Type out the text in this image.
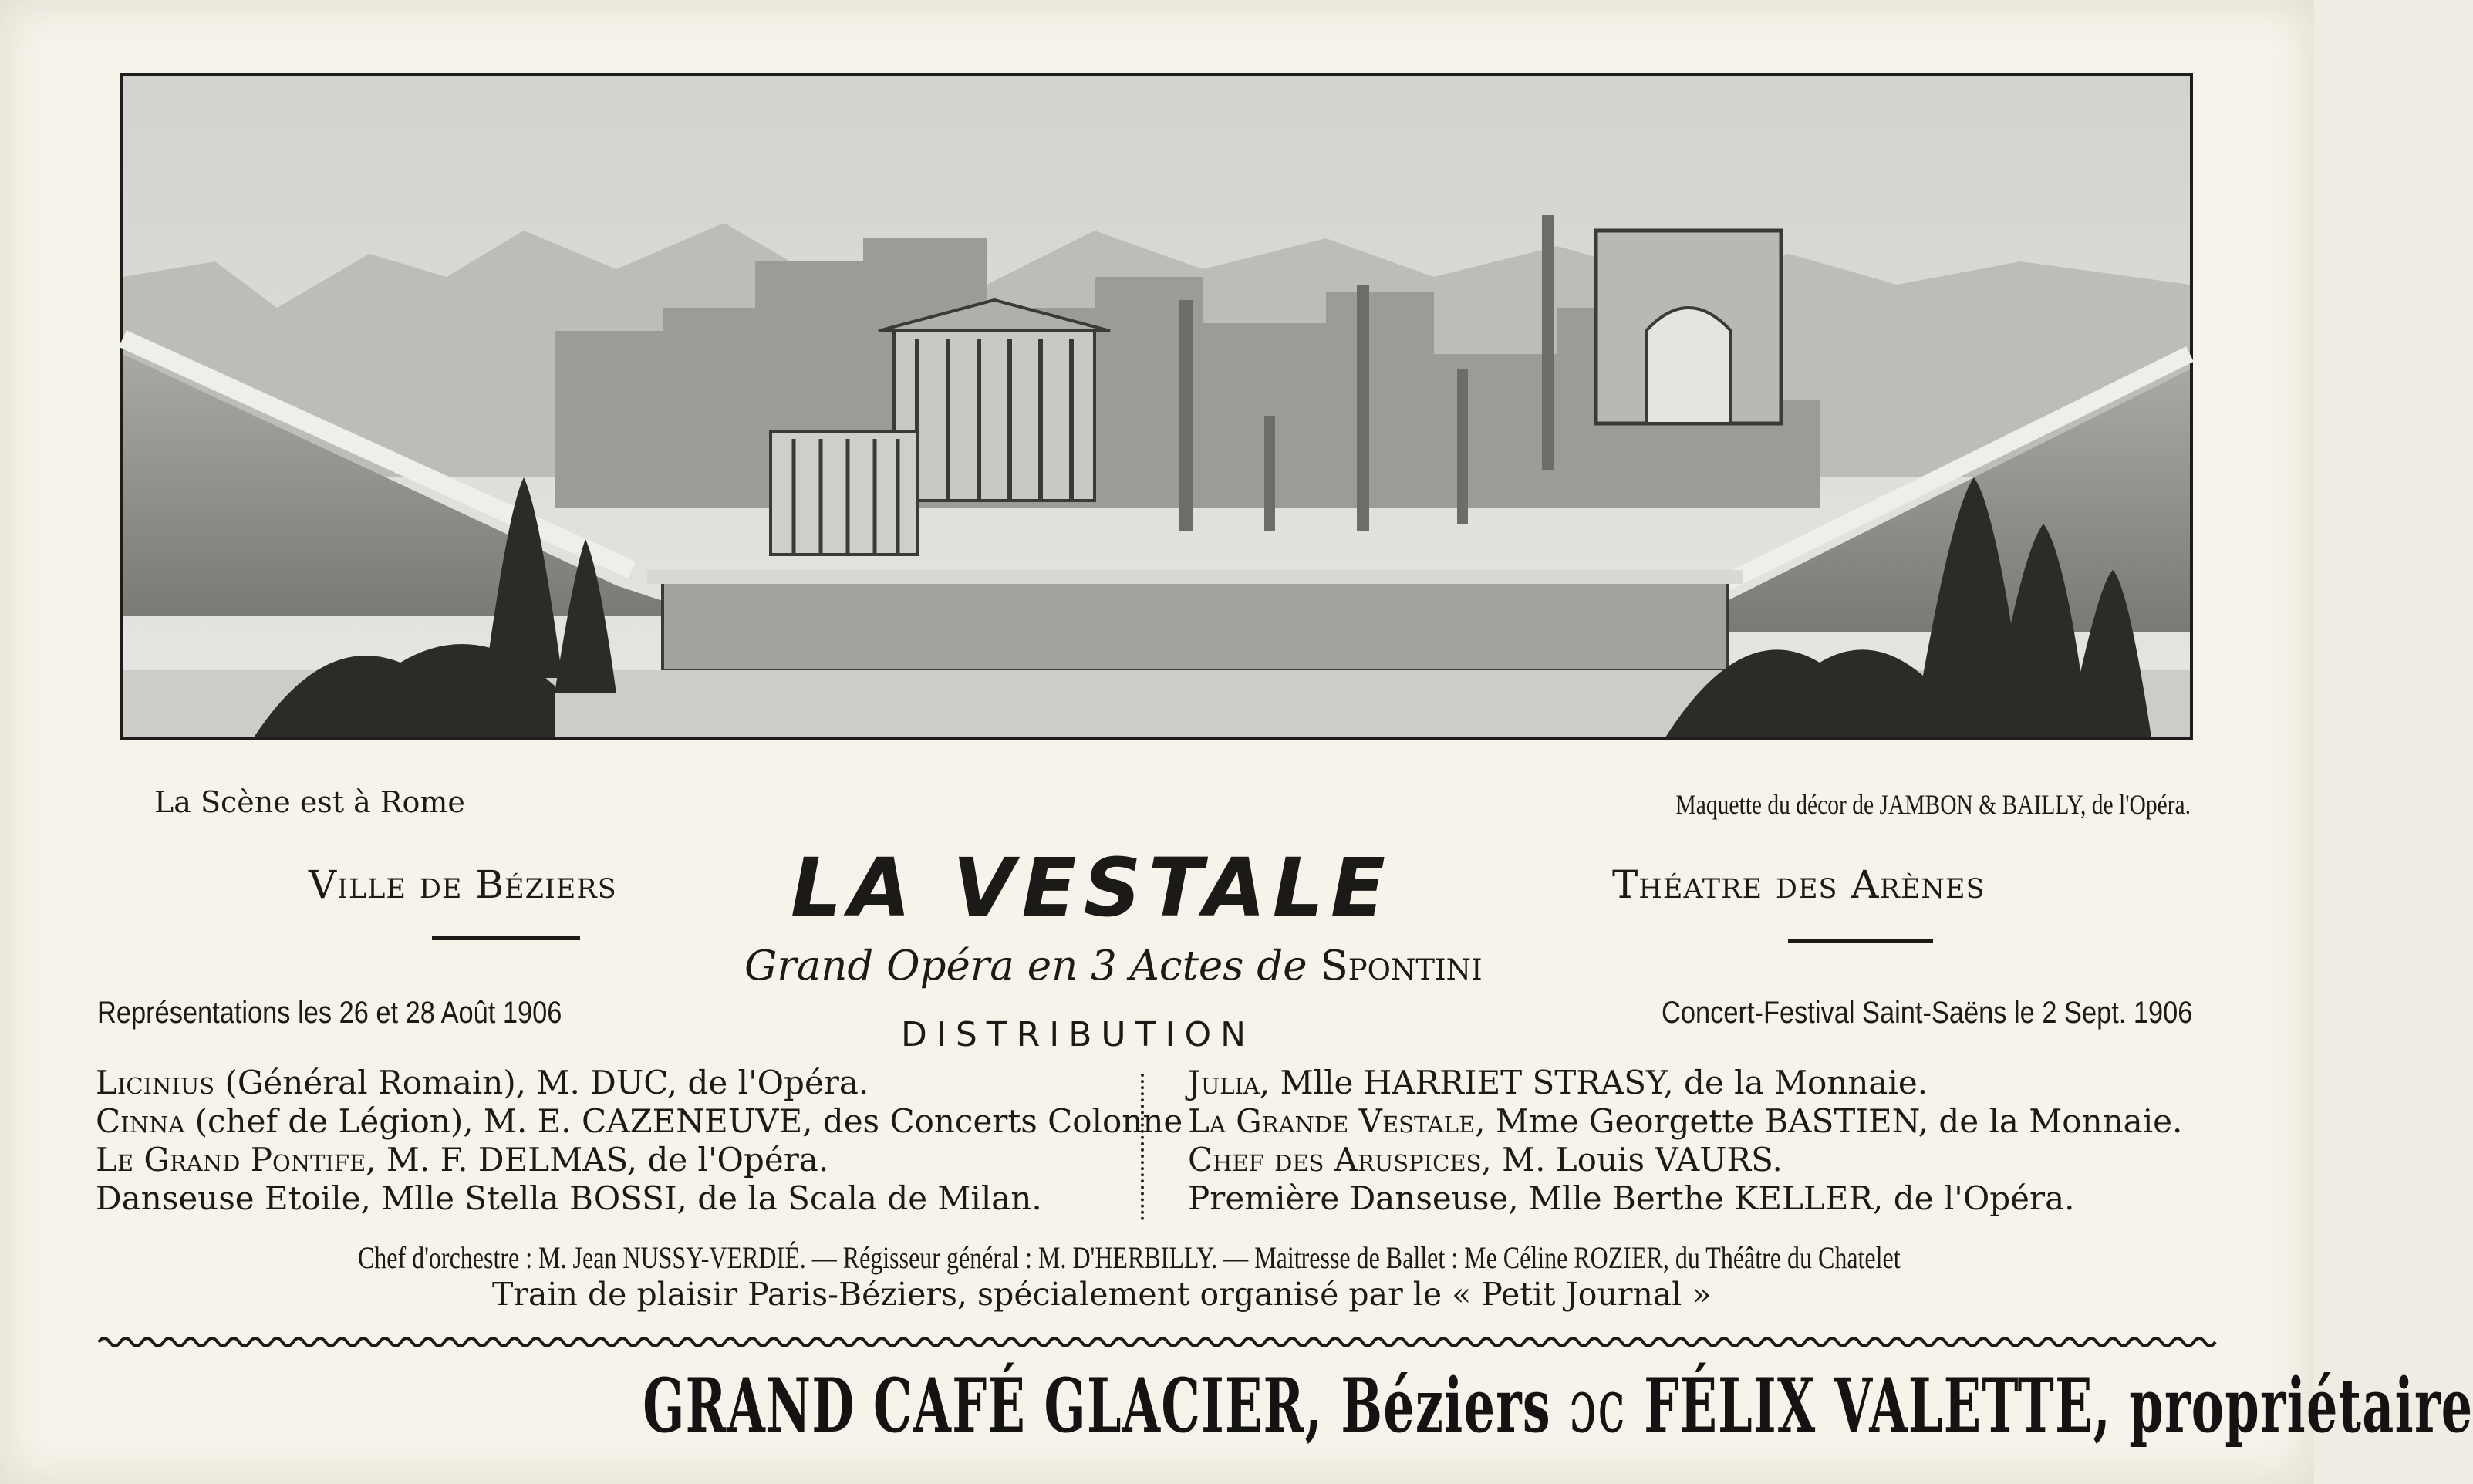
La Scène est à Rome	Maquette du décor de JAMBON & BAILLY, de l'Opéra.
Ville de Béziers LA VESTALE	Théatre des Arènes
Grand Opéra en 3 Actes de Spontini
Représentations les 26 et 28 Août 1906	Concert-Festival Saint-Saëns le 2 Sept. 1906
DISTRIBUTION
Licinius (Général Romain), M. DUC, de l'Opéra.
Cinna (chef de Légion), M. E. CAZENEUVE, des Concerts Colonne
Le Grand Pontife, M. F. DELMAS, de l'Opéra.
Danseuse Etoile, Mlle Stella BOSSI, de la Scala de Milan.
Julia, Mlle HARRIET STRASY, de la Monnaie.
La Grande Vestale, Mme Georgette BASTIEN, de la Monnaie.
Chef des Aruspices, M. Louis VAURS.
Première Danseuse, Mlle Berthe KELLER, de l'Opéra.
Chef d'orchestre : M. Jean NUSSY-VERDIÉ. — Régisseur général : M. D'HERBILLY. — Maitresse de Ballet : Me Céline ROZIER, du Théâtre du Chatelet
Train de plaisir Paris-Béziers, spécialement organisé par le « Petit Journal »
GRAND CAFÉ GLACIER, Béziers ɔc FÉLIX VALETTE, propriétaire
